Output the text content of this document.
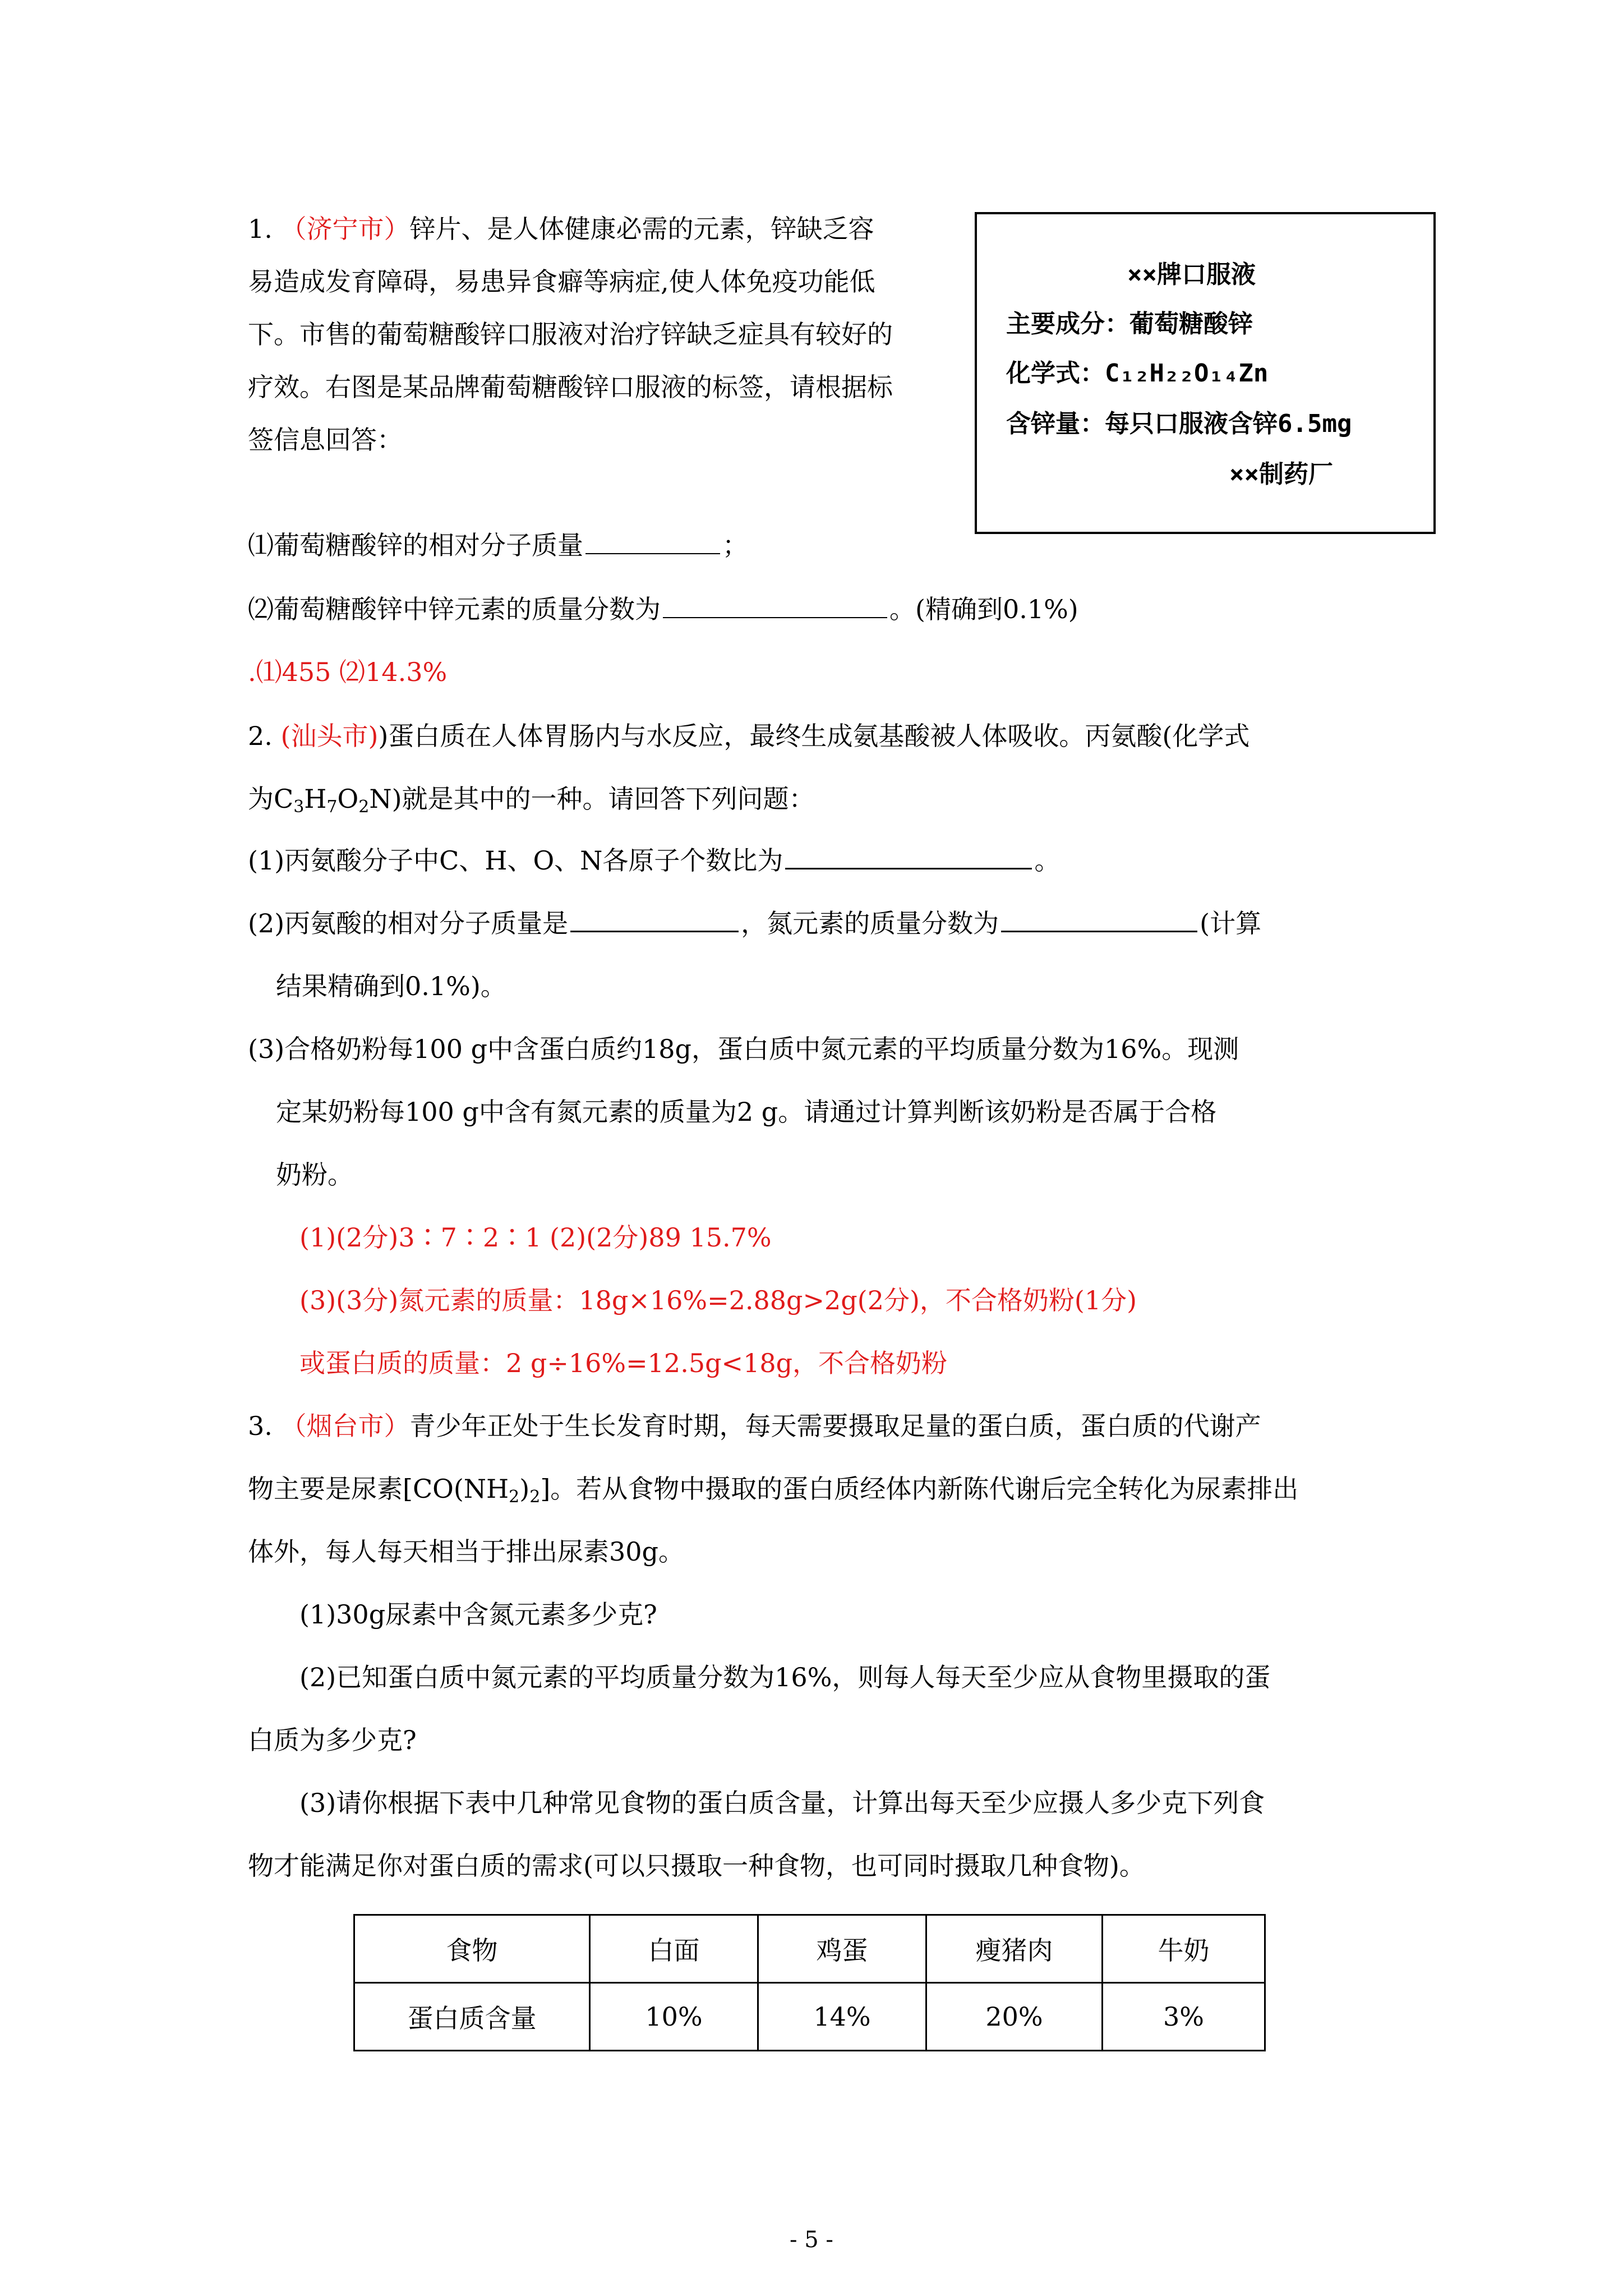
1. （济宁市）锌片、是人体健康必需的元素，锌缺乏容
易造成发育障碍，易患异食癖等病症,使人体免疫功能低
下。市售的葡萄糖酸锌口服液对治疗锌缺乏症具有较好的
疗效。右图是某品牌葡萄糖酸锌口服液的标签，请根据标
签信息回答：
⑴葡萄糖酸锌的相对分子质量	；
⑵葡萄糖酸锌中锌元素的质量分数为	。(精确到0.1%)
.⑴455 ⑵14.3%
××牌口服液
主要成分：葡萄糖酸锌
化学式：C₁₂H₂₂O₁₄Zn
含锌量：每只口服液含锌6.5mg
××制药厂
2. (汕头市))蛋白质在人体胃肠内与水反应，最终生成氨基酸被人体吸收。丙氨酸(化学式
为$C_3H_7O_2N$)就是其中的一种。请回答下列问题：
(1)丙氨酸分子中C、H、O、N各原子个数比为	。
(2)丙氨酸的相对分子质量是	，氮元素的质量分数为	(计算
结果精确到0.1%)。
(3)合格奶粉每100 g中含蛋白质约18g，蛋白质中氮元素的平均质量分数为16%。现测
定某奶粉每100 g中含有氮元素的质量为2 g。请通过计算判断该奶粉是否属于合格
奶粉。
(1)(2分)3∶7∶2∶1 (2)(2分)89 15.7%
(3)(3分)氮元素的质量：18g×16%=2.88g>2g(2分)，不合格奶粉(1分)
或蛋白质的质量：2 g÷16%=12.5g<18g，不合格奶粉
3. （烟台市）青少年正处于生长发育时期，每天需要摄取足量的蛋白质，蛋白质的代谢产
物主要是尿素$[CO(NH_2)_2]$。若从食物中摄取的蛋白质经体内新陈代谢后完全转化为尿素排出
体外，每人每天相当于排出尿素30g。
(1)30g尿素中含氮元素多少克?
(2)已知蛋白质中氮元素的平均质量分数为16%，则每人每天至少应从食物里摄取的蛋
白质为多少克?
(3)请你根据下表中几种常见食物的蛋白质含量，计算出每天至少应摄人多少克下列食
物才能满足你对蛋白质的需求(可以只摄取一种食物，也可同时摄取几种食物)。
食物	白面	鸡蛋	瘦猪肉	牛奶
蛋白质含量	10%	14%	20%	3%
- 5 -
